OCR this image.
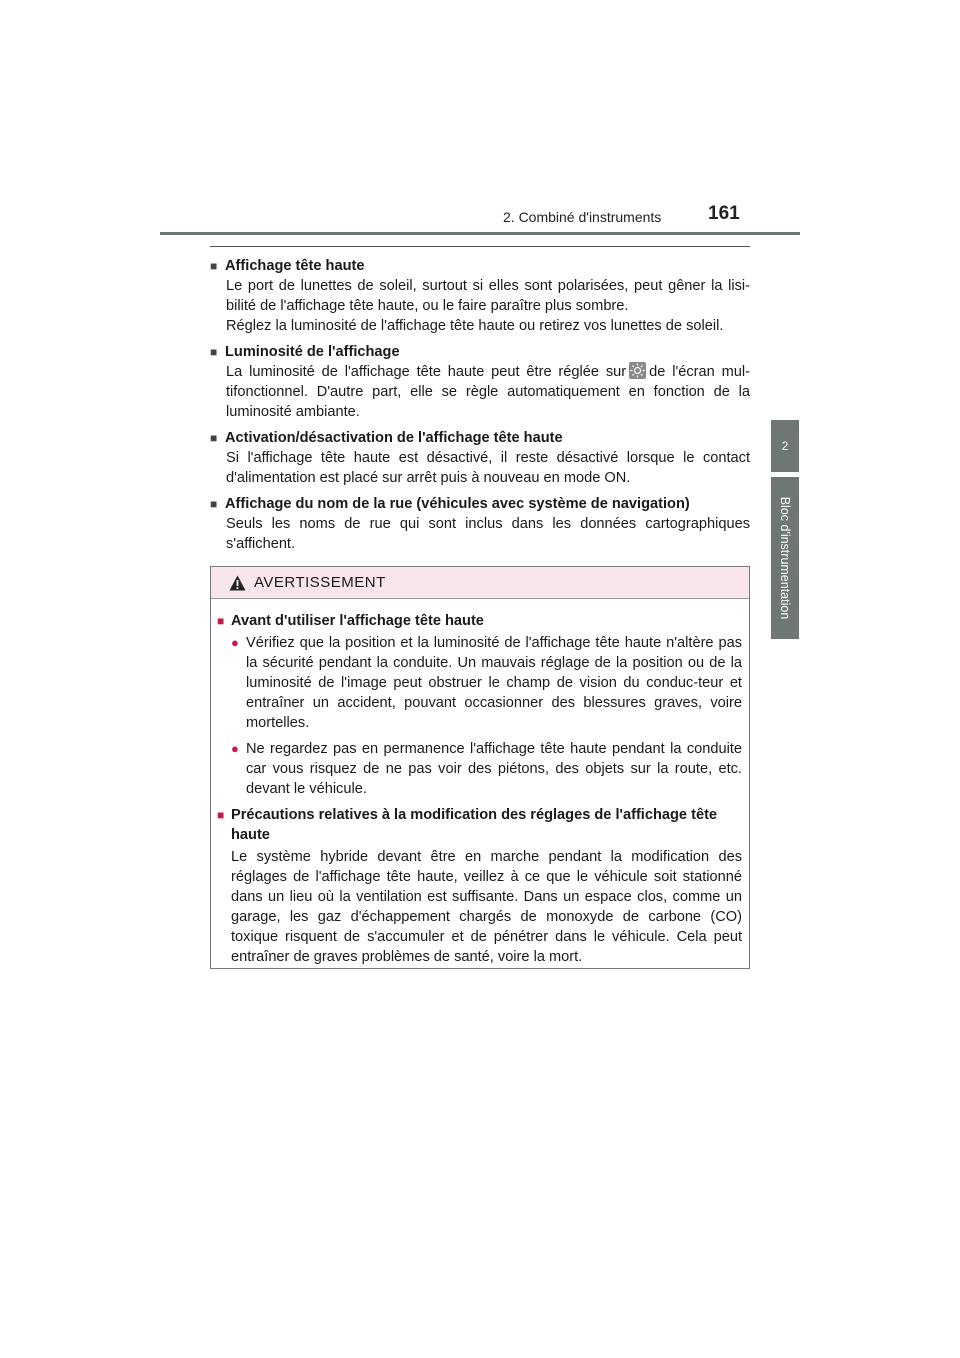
2. Combiné d'instruments 161
2
Bloc d'instrumentation
■ Affichage tête haute
Le port de lunettes de soleil, surtout si elles sont polarisées, peut gêner la lisi-bilité de l'affichage tête haute, ou le faire paraître plus sombre.
Réglez la luminosité de l'affichage tête haute ou retirez vos lunettes de soleil.
■ Luminosité de l'affichage
La luminosité de l'affichage tête haute peut être réglée sur de l'écran mul-tifonctionnel. D'autre part, elle se règle automatiquement en fonction de la luminosité ambiante.
■ Activation/désactivation de l'affichage tête haute
Si l'affichage tête haute est désactivé, il reste désactivé lorsque le contact d'alimentation est placé sur arrêt puis à nouveau en mode ON.
■ Affichage du nom de la rue (véhicules avec système de navigation)
Seuls les noms de rue qui sont inclus dans les données cartographiques s'affichent.
AVERTISSEMENT
■ Avant d'utiliser l'affichage tête haute
● Vérifiez que la position et la luminosité de l'affichage tête haute n'altère pas la sécurité pendant la conduite. Un mauvais réglage de la position ou de la luminosité de l'image peut obstruer le champ de vision du conduc-teur et entraîner un accident, pouvant occasionner des blessures graves, voire mortelles.
● Ne regardez pas en permanence l'affichage tête haute pendant la conduite car vous risquez de ne pas voir des piétons, des objets sur la route, etc. devant le véhicule.
■ Précautions relatives à la modification des réglages de l'affichage tête haute
Le système hybride devant être en marche pendant la modification des réglages de l'affichage tête haute, veillez à ce que le véhicule soit stationné dans un lieu où la ventilation est suffisante. Dans un espace clos, comme un garage, les gaz d'échappement chargés de monoxyde de carbone (CO) toxique risquent de s'accumuler et de pénétrer dans le véhicule. Cela peut entraîner de graves problèmes de santé, voire la mort.
